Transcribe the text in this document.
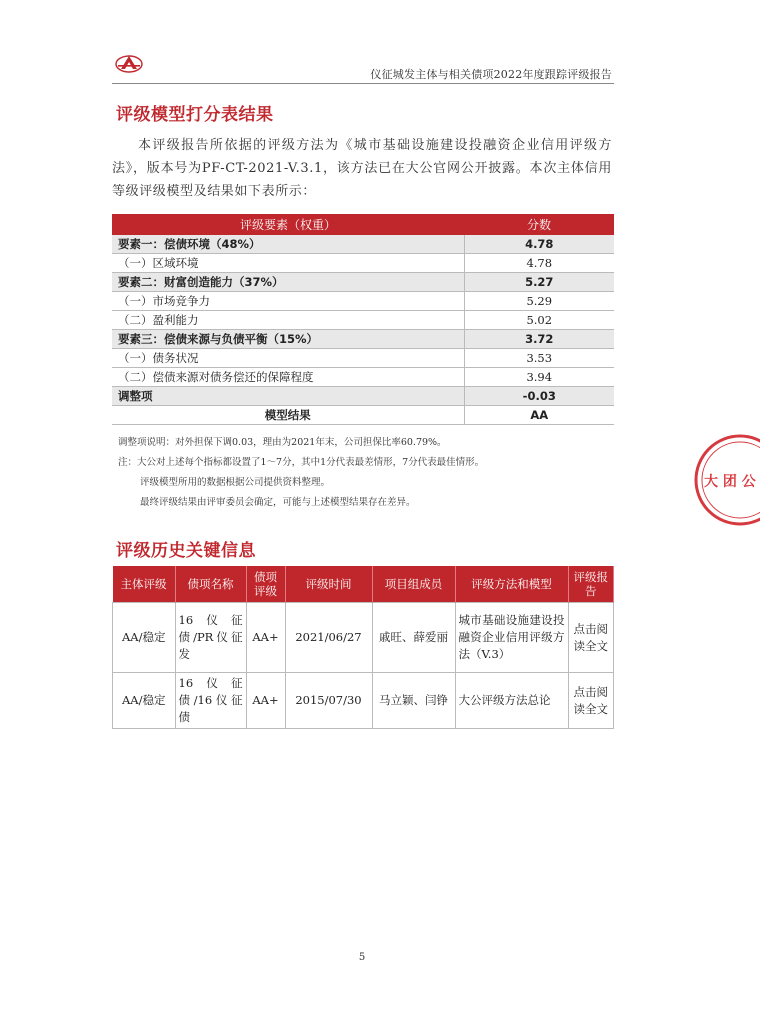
仪征城发主体与相关债项2022年度跟踪评级报告
评级模型打分表结果
本评级报告所依据的评级方法为《城市基础设施建设投融资企业信用评级方法》，版本号为PF-CT-2021-V.3.1，该方法已在大公官网公开披露。本次主体信用等级评级模型及结果如下表所示：
评级要素（权重）	分数
要素一：偿债环境（48%）	4.78
（一）区域环境	4.78
要素二：财富创造能力（37%）	5.27
（一）市场竞争力	5.29
（二）盈利能力	5.02
要素三：偿债来源与负债平衡（15%）	3.72
（一）债务状况	3.53
（二）偿债来源对债务偿还的保障程度	3.94
调整项	-0.03
模型结果	AA
调整项说明：对外担保下调0.03，理由为2021年末，公司担保比率60.79%。
注：大公对上述每个指标都设置了1～7分，其中1分代表最差情形，7分代表最佳情形。
评级模型所用的数据根据公司提供资料整理。
最终评级结果由评审委员会确定，可能与上述模型结果存在差异。
大 团 公
评级历史关键信息
主体评级	债项名称	债项评级	评级时间	项目组成员	评级方法和模型	评级报告
AA/稳定	16仪征债/PR仪征发	AA+	2021/06/27	戚旺、薛爱丽	城市基础设施建设投融资企业信用评级方法（V.3）	点击阅读全文
AA/稳定	16仪征债/16仪征债	AA+	2015/07/30	马立颖、闫铮	大公评级方法总论	点击阅读全文
5
